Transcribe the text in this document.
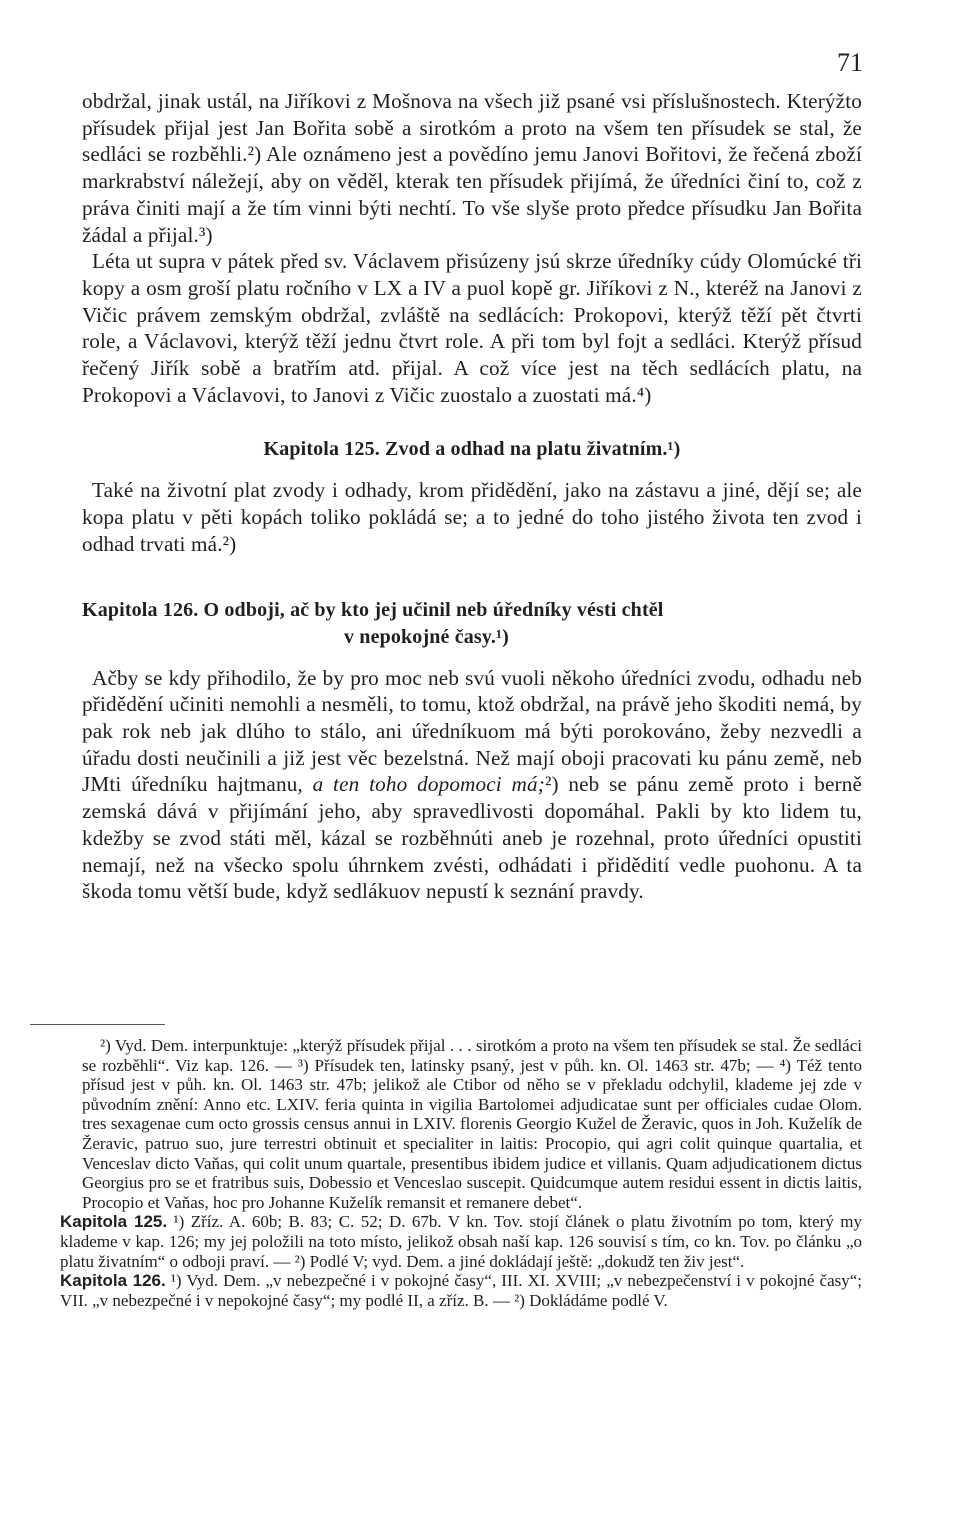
71

obdržal, jinak ustál, na Jiříkovi z Mošnova na všech již psané vsi příslušnostech. Kterýžto přísudek přijal jest Jan Bořita sobě a sirotkóm a proto na všem ten přísudek se stal, že sedláci se rozběhli.²) Ale oznámeno jest a povědíno jemu Janovi Bořitovi, že řečená zboží markrabství náležejí, aby on věděl, kterak ten přísudek přijímá, že úředníci činí to, což z práva činiti mají a že tím vinni býti nechtí. To vše slyše proto předce přísudku Jan Bořita žádal a přijal.³)

Léta ut supra v pátek před sv. Václavem přisúzeny jsú skrze úředníky cúdy Olomúcké tři kopy a osm groší platu ročního v LX a IV a puol kopě gr. Jiříkovi z N., kteréž na Janovi z Vičic právem zemským obdržal, zvláště na sedlácích: Prokopovi, kterýž těží pět čtvrti role, a Václavovi, kterýž těží jednu čtvrt role. A při tom byl fojt a sedláci. Kterýž přísud řečený Jiřík sobě a bratřím atd. přijal. A což více jest na těch sedlácích platu, na Prokopovi a Václavovi, to Janovi z Vičic zuostalo a zuostati má.⁴)

Kapitola 125. Zvod a odhad na platu živatním.¹)

Také na životní plat zvody i odhady, krom přidědění, jako na zástavu a jiné, dějí se; ale kopa platu v pěti kopách toliko pokládá se; a to jedné do toho jistého života ten zvod i odhad trvati má.²)

Kapitola 126. O odboji, ač by kto jej učinil neb úředníky vésti chtěl
v nepokojné časy.¹)

Ačby se kdy přihodilo, že by pro moc neb svú vuoli někoho úředníci zvodu, odhadu neb přidědění učiniti nemohli a nesměli, to tomu, ktož obdržal, na právě jeho škoditi nemá, by pak rok neb jak dlúho to stálo, ani úředníkuom má býti porokováno, žeby nezvedli a úřadu dosti neučinili a již jest věc bezelstná. Než mají oboji pracovati ku pánu země, neb JMti úředníku hajtmanu, a ten toho dopomoci má;²) neb se pánu země proto i berně zemská dává v přijímání jeho, aby spravedlivosti dopomáhal. Pakli by kto lidem tu, kdežby se zvod státi měl, kázal se rozběhnúti aneb je rozehnal, proto úředníci opustiti nemají, než na všecko spolu úhrnkem zvésti, odhádati i přidědití vedle puohonu. A ta škoda tomu větší bude, když sedlákuov nepustí k seznání pravdy.

²) Vyd. Dem. interpunktuje: „kterýž přísudek přijal . . . sirotkóm a proto na všem ten přísudek se stal. Že sedláci se rozběhli“. Viz kap. 126. — ³) Přísudek ten, latinsky psaný, jest v půh. kn. Ol. 1463 str. 47b; — ⁴) Též tento přísud jest v půh. kn. Ol. 1463 str. 47b; jelikož ale Ctibor od něho se v překladu odchylil, klademe jej zde v původním znění: Anno etc. LXIV. feria quinta in vigilia Bartolomei adjudicatae sunt per officiales cudae Olom. tres sexagenae cum octo grossis census annui in LXIV. florenis Georgio Kužel de Žeravic, quos in Joh. Kuželík de Žeravic, patruo suo, jure terrestri obtinuit et specialiter in laitis: Procopio, qui agri colit quinque quartalia, et Venceslav dicto Vaňas, qui colit unum quartale, presentibus ibidem judice et villanis. Quam adjudicationem dictus Georgius pro se et fratribus suis, Dobessio et Venceslao suscepit. Quidcumque autem residui essent in dictis laitis, Procopio et Vaňas, hoc pro Johanne Kuželík remansit et remanere debet“.

Kapitola 125. ¹) Zříz. A. 60b; B. 83; C. 52; D. 67b. V kn. Tov. stojí článek o platu životním po tom, který my klademe v kap. 126; my jej položili na toto místo, jelikož obsah naší kap. 126 souvisí s tím, co kn. Tov. po článku „o platu živatním“ o odboji praví. — ²) Podlé V; vyd. Dem. a jiné dokládají ještě: „dokudž ten živ jest“.

Kapitola 126. ¹) Vyd. Dem. „v nebezpečné i v pokojné časy“, III. XI. XVIII; „v nebezpečenství i v pokojné časy“; VII. „v nebezpečné i v nepokojné časy“; my podlé II, a zříz. B. — ²) Dokládáme podlé V.
